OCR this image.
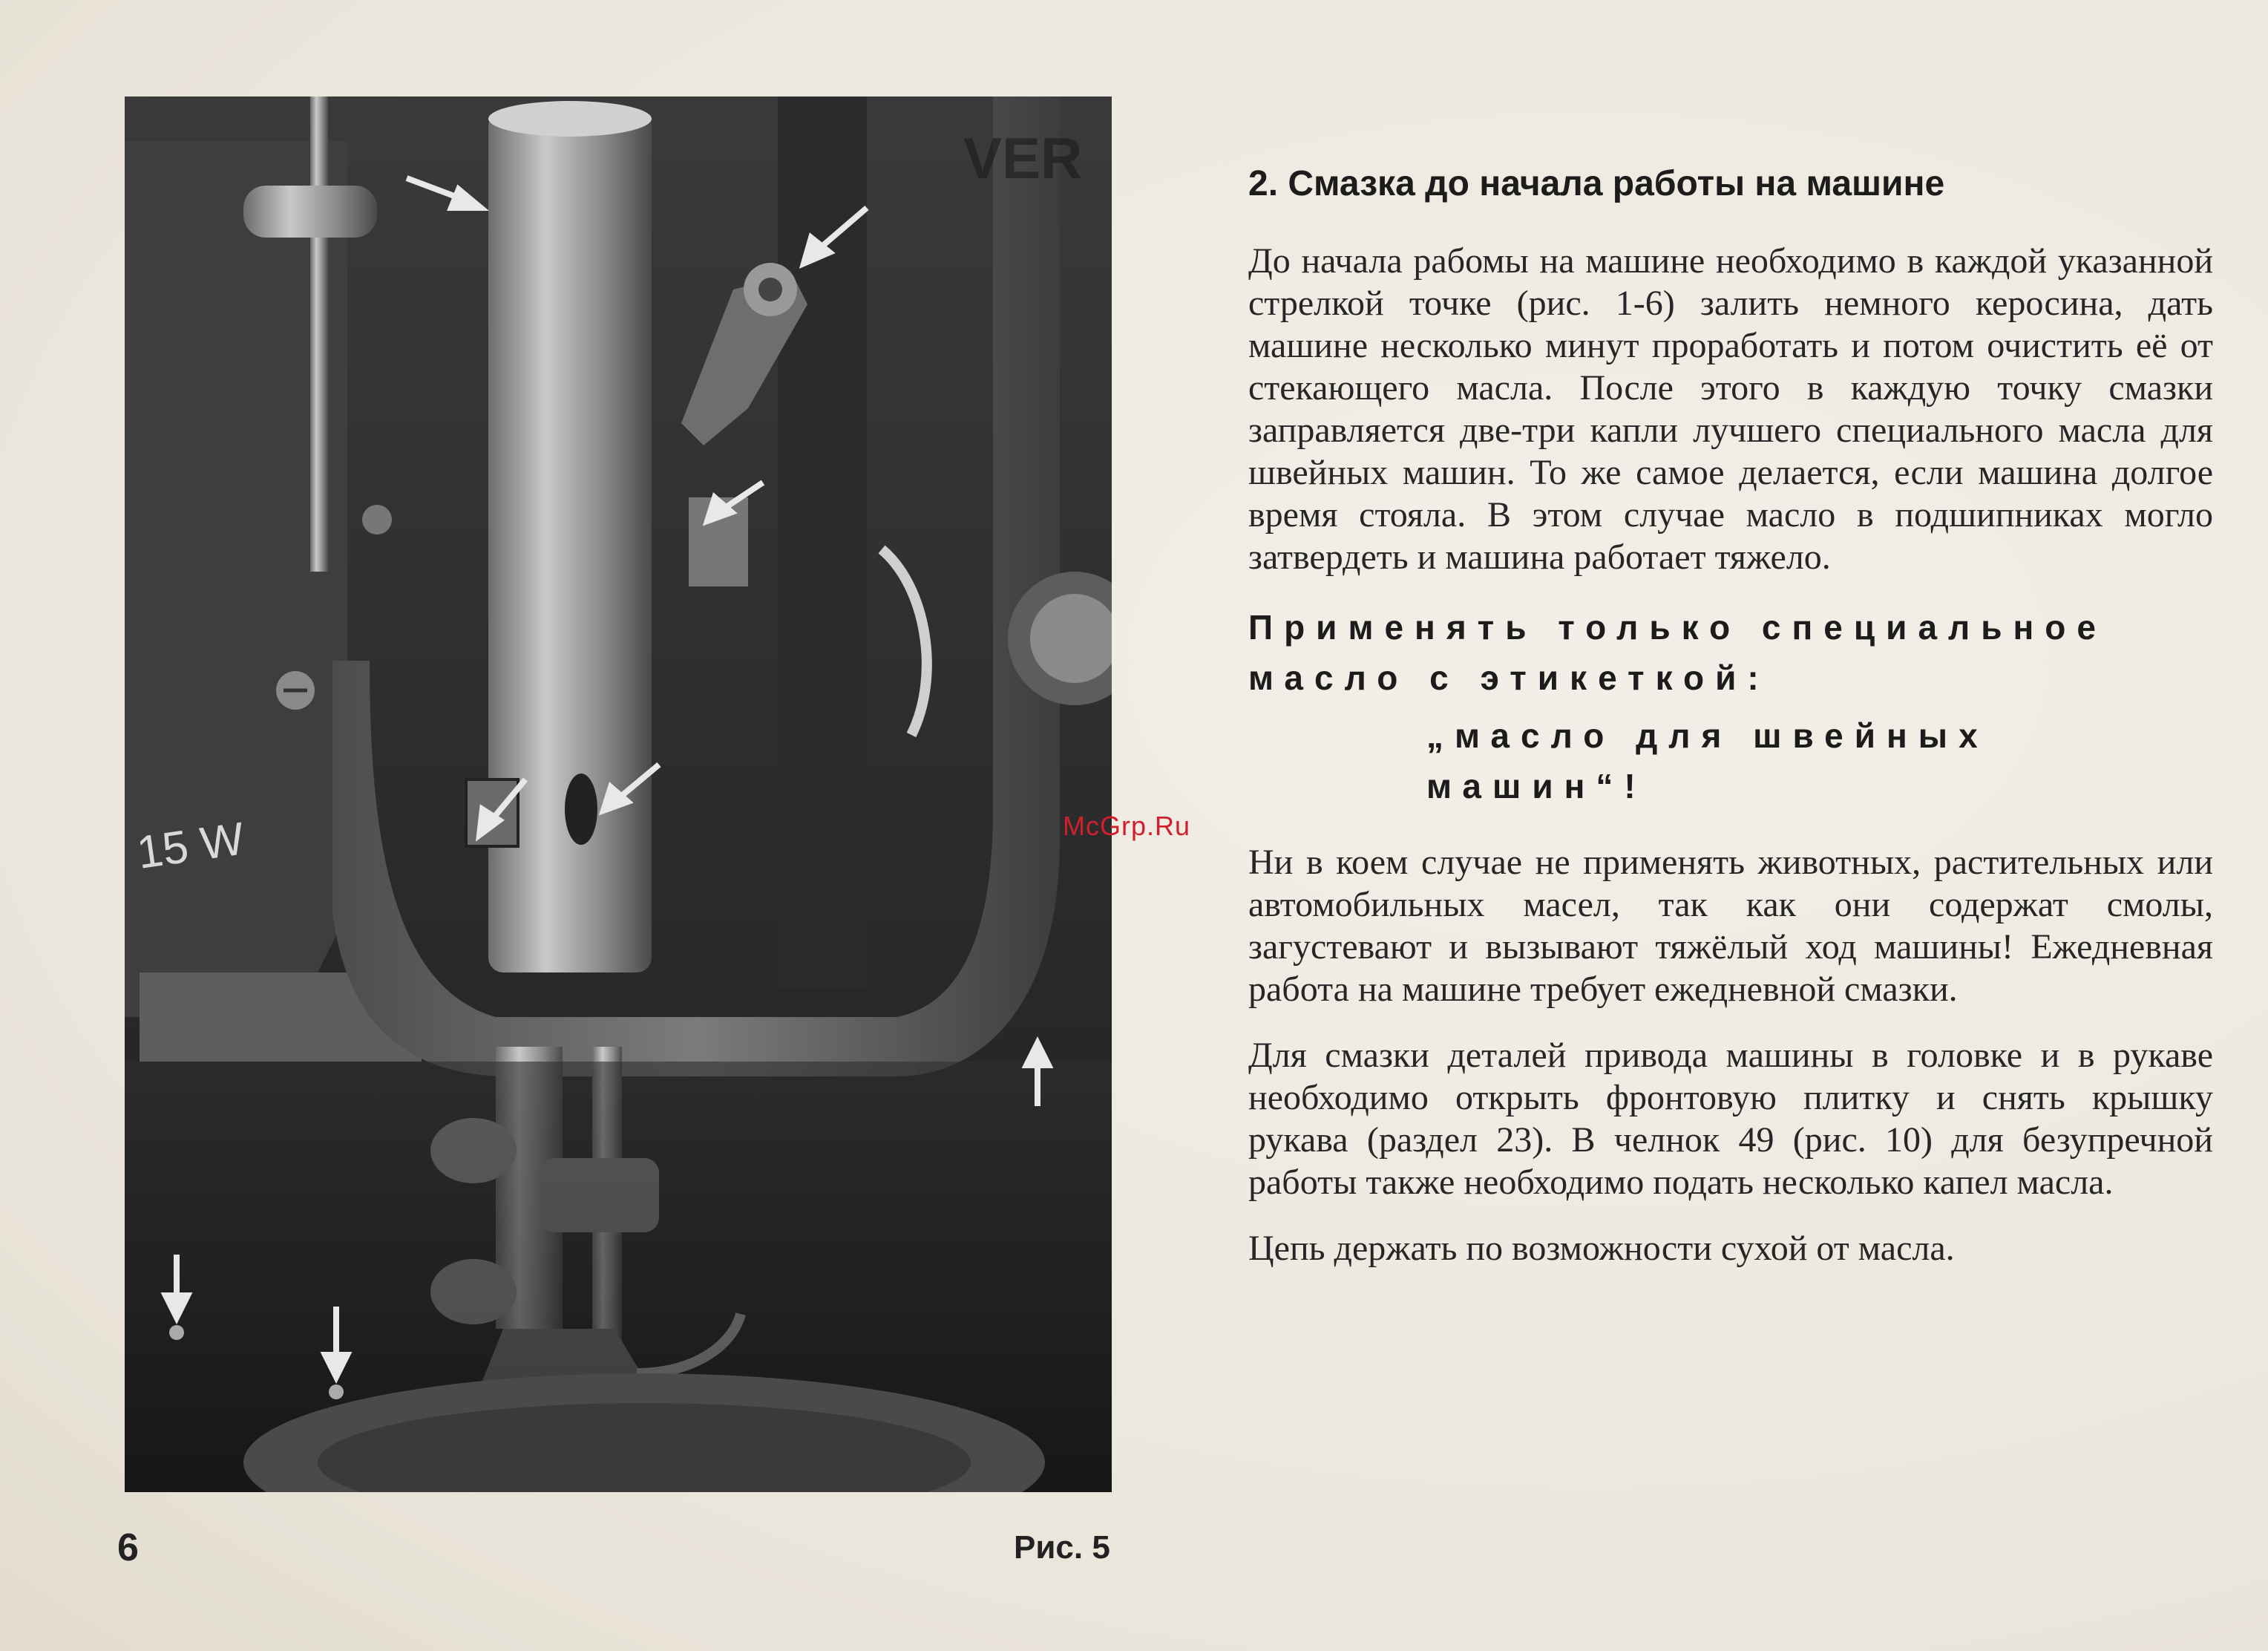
15 W
VER
6	Рис. 5
2. Смазка до начала работы на машине

До начала рабомы на машине необходимо в каждой указанной стрелкой точке (рис. 1-6) залить немного керосина, дать машине несколько минут проработать и потом очистить её от стекающего масла. После этого в каждую точку смазки заправляется две-три капли лучшего специального масла для швейных машин. То же самое делается, если машина долгое время стояла. В этом случае масло в подшипниках могло затвердеть и машина работает тяжело.

Применять только специальное масло с этикеткой:

„масло для швейных машин“!

Ни в коем случае не применять животных, растительных или автомобильных масел, так как они содержат смолы, загустевают и вызывают тяжёлый ход машины! Ежедневная работа на машине требует ежедневной смазки.

Для смазки деталей привода машины в головке и в рукаве необходимо открыть фронтовую плитку и снять крышку рукава (раздел 23). В челнок 49 (рис. 10) для безупречной работы также необходимо подать несколько капел масла.

Цепь держать по возможности сухой от масла.

McGrp.Ru
